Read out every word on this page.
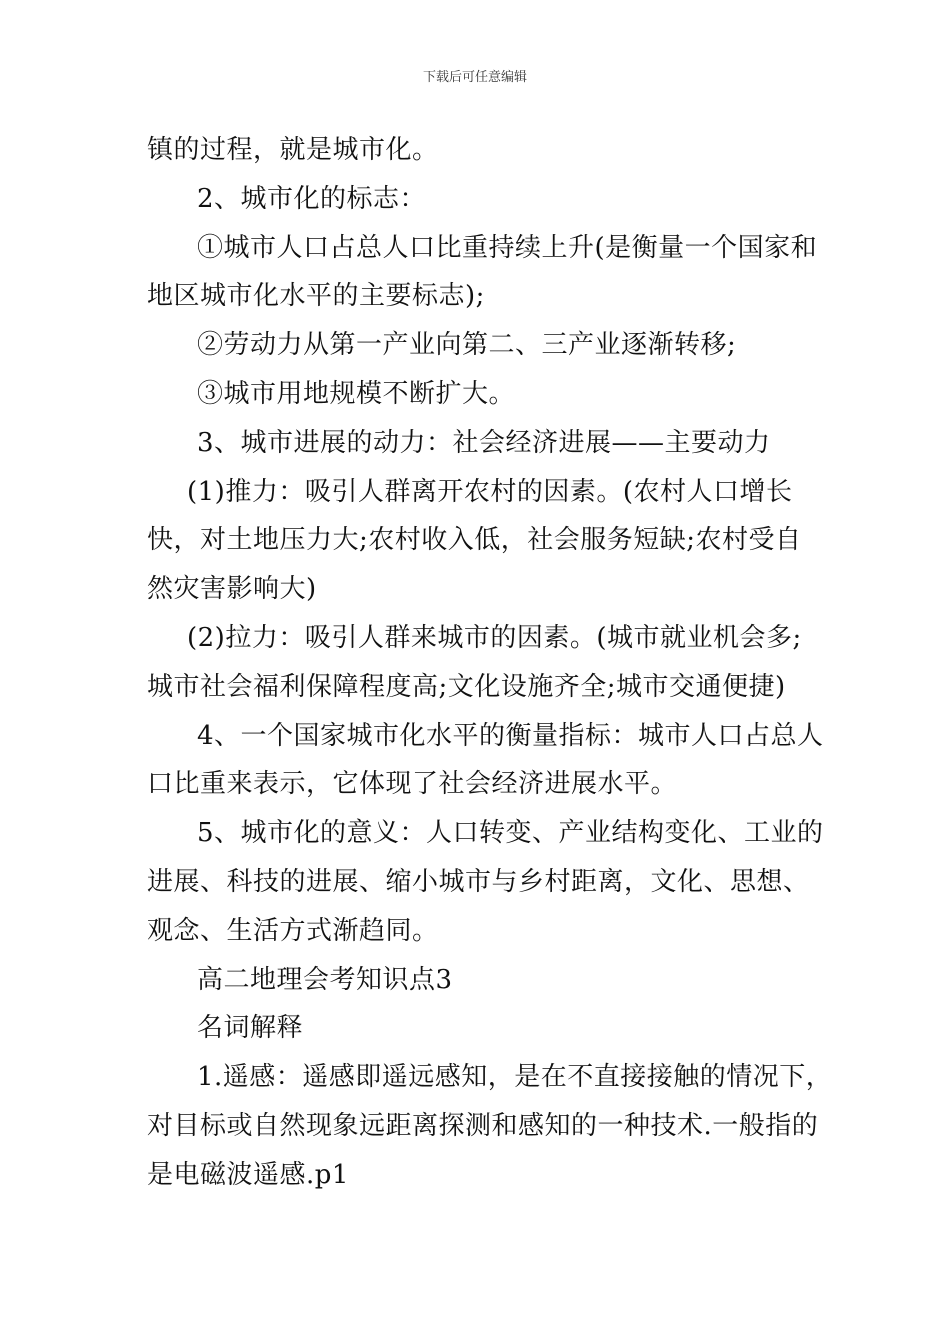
下载后可任意编辑
镇的过程，就是城市化。
2、城市化的标志：
①城市人口占总人口比重持续上升(是衡量一个国家和
地区城市化水平的主要标志);
②劳动力从第一产业向第二、三产业逐渐转移;
③城市用地规模不断扩大。
3、城市进展的动力：社会经济进展——主要动力
(1)推力：吸引人群离开农村的因素。(农村人口增长
快，对土地压力大;农村收入低，社会服务短缺;农村受自
然灾害影响大)
(2)拉力：吸引人群来城市的因素。(城市就业机会多;
城市社会福利保障程度高;文化设施齐全;城市交通便捷)
4、一个国家城市化水平的衡量指标：城市人口占总人
口比重来表示，它体现了社会经济进展水平。
5、城市化的意义：人口转变、产业结构变化、工业的
进展、科技的进展、缩小城市与乡村距离，文化、思想、
观念、生活方式渐趋同。
高二地理会考知识点3
名词解释
1.遥感：遥感即遥远感知，是在不直接接触的情况下，
对目标或自然现象远距离探测和感知的一种技术.一般指的
是电磁波遥感.p1
